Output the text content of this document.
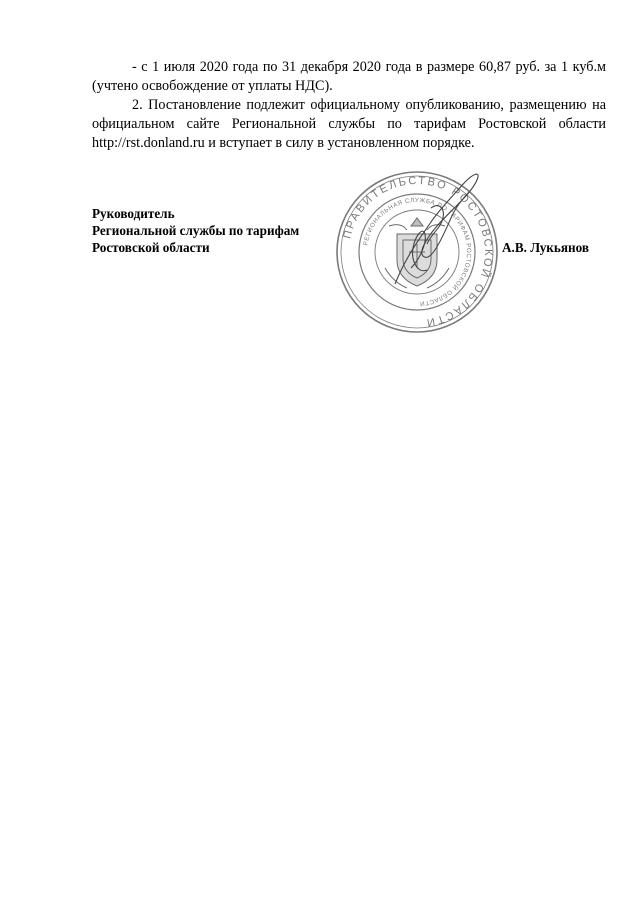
- с 1 июля 2020 года по 31 декабря 2020 года в размере 60,87 руб. за 1 куб.м (учтено освобождение от уплаты НДС).

2. Постановление подлежит официальному опубликованию, размещению на официальном сайте Региональной службы по тарифам Ростовской области http://rst.donland.ru и вступает в силу в установленном порядке.

Руководитель
Региональной службы по тарифам
Ростовской области	А.В. Лукьянов
ПРАВИТЕЛЬСТВО РОСТОВСКОЙ ОБЛАСТИ
РЕГИОНАЛЬНАЯ СЛУЖБА ПО ТАРИФАМ РОСТОВСКОЙ ОБЛАСТИ
